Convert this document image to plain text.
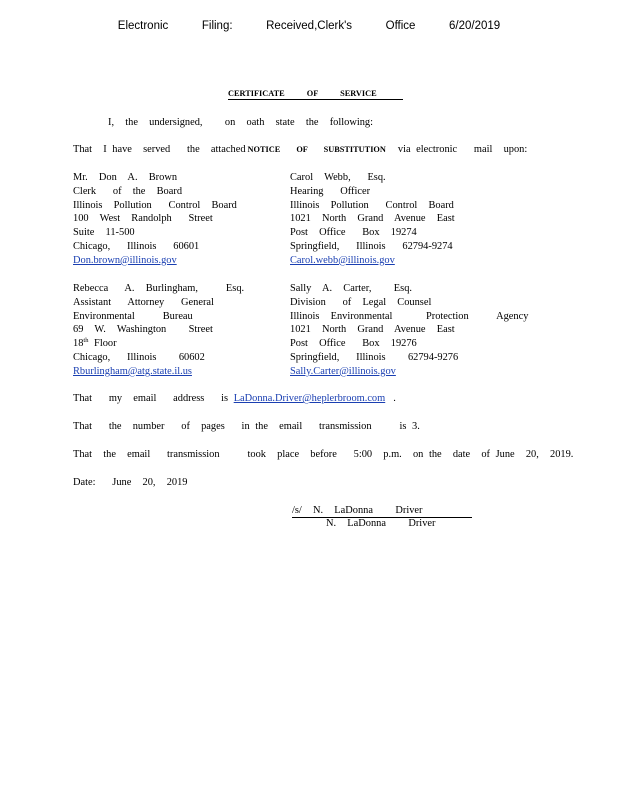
Electronic   Filing:   Received,Clerk's   Office   6/20/2019
CERTIFICATE OF SERVICE
I,  the  undersigned,    on  oath  state  the  following:
That  I have  served   the  attached NOTICE OF SUBSTITUTION via electronic   mail  upon:
Mr.  Don  A.  Brown
Clerk   of  the  Board
Illinois  Pollution   Control  Board
100  West  Randolph   Street
Suite  11-500
Chicago,   Illinois   60601
Don.brown@illinois.gov
Carol  Webb,   Esq.
Hearing   Officer
Illinois  Pollution   Control  Board
1021  North  Grand  Avenue  East
Post  Office   Box  19274
Springfield,   Illinois   62794-9274
Carol.webb@illinois.gov
Rebecca   A.  Burlingham,     Esq.
Assistant   Attorney   General
Environmental     Bureau
69  W.  Washington    Street
18th Floor
Chicago,   Illinois    60602
Rburlingham@atg.state.il.us
Sally  A.  Carter,    Esq.
Division   of  Legal  Counsel
Illinois  Environmental      Protection     Agency
1021  North  Grand  Avenue  East
Post  Office   Box  19276
Springfield,   Illinois    62794-9276
Sally.Carter@illinois.gov
That   my  email   address   is LaDonna.Driver@heplerbroom.com .
That   the  number   of  pages   in the  email   transmission     is 3.
That  the  email   transmission     took  place  before   5:00  p.m.  on the  date  of June  20,  2019.
Date:   June  20,  2019
/s/  N.  LaDonna    Driver
N.  LaDonna    Driver
